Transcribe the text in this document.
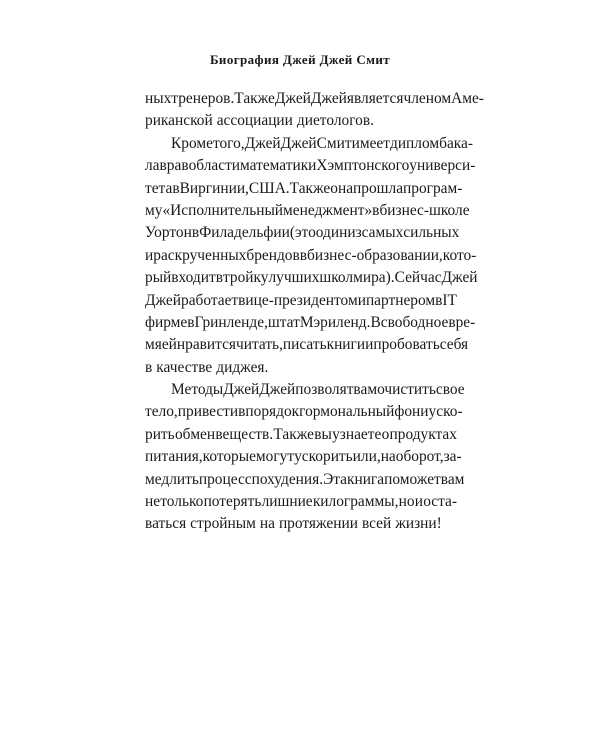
Биография Джей Джей Смит
ных тренеров. Также Джей Джей является членом Аме-
риканской ассоциации диетологов.
Кроме того, Джей Джей Смит имеет диплом бака-
лавра в области математики Хэмптонского универси-
тета в Виргинии, США. Также она прошла програм-
му «Исполнительный менеджмент» в бизнес-школе
Уортон в Филадельфии (это один из самых сильных
и раскрученных брендов в бизнес-образовании, кото-
рый входит в тройку лучших школ мира). Сейчас Джей
Джей работает вице-президентом и партнером в IT
фирме в Гринленде, штат Мэриленд. В свободное вре-
мя ей нравится читать, писать книги и пробовать себя
в качестве диджея.
Методы Джей Джей позволят вам очистить свое
тело, привести в порядок гормональный фон и уско-
рить обмен веществ. Также вы узнаете о продуктах
питания, которые могут ускорить или, наоборот, за-
медлить процесс похудения. Эта книга поможет вам
не только потерять лишние килограммы, но и оста-
ваться стройным на протяжении всей жизни!
